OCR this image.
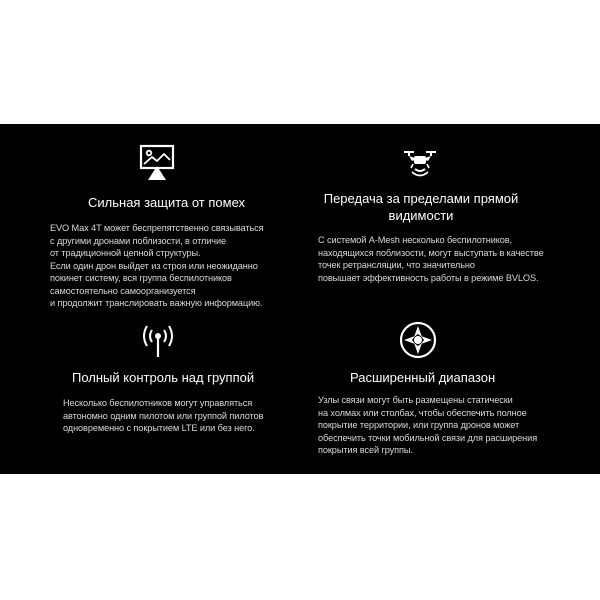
Сильная защита от помех
EVO Max 4T может беспрепятственно связываться
с другими дронами поблизости, в отличие
от традиционной цепной структуры.
Если один дрон выйдет из строя или неожиданно
покинет систему, вся группа беспилотников
самостоятельно самоорганизуется
и продолжит транслировать важную информацию.
Передача за пределами прямой
видимости
С системой A-Mesh несколько беспилотников,
находящихся поблизости, могут выступать в качестве
точек ретрансляции, что значительно
повышает эффективность работы в режиме BVLOS.
Полный контроль над группой
Несколько беспилотников могут управляться
автономно одним пилотом или группой пилотов
одновременно с покрытием LTE или без него.
Расширенный диапазон
Узлы связи могут быть размещены статически
на холмах или столбах, чтобы обеспечить полное
покрытие территории, или группа дронов может
обеспечить точки мобильной связи для расширения
покрытия всей группы.
